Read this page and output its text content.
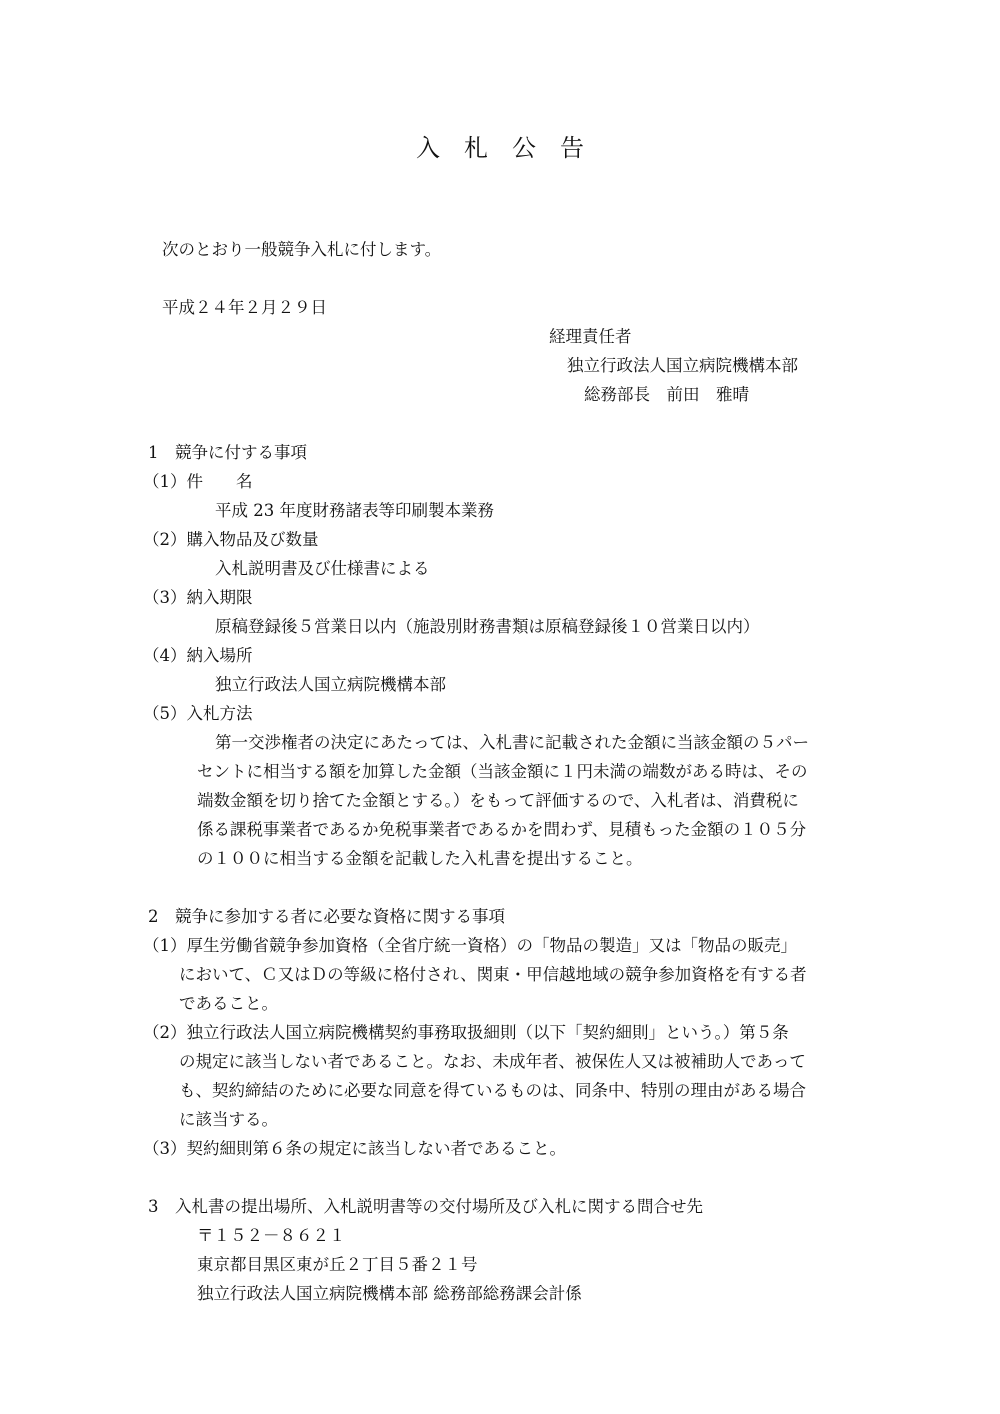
入　札　公　告
次のとおり一般競争入札に付します。
平成２４年２月２９日
経理責任者
独立行政法人国立病院機構本部
総務部長　前田　雅晴
1　競争に付する事項
（1）件　　名
平成 23 年度財務諸表等印刷製本業務
（2）購入物品及び数量
入札説明書及び仕様書による
（3）納入期限
原稿登録後５営業日以内（施設別財務書類は原稿登録後１０営業日以内）
（4）納入場所
独立行政法人国立病院機構本部
（5）入札方法
第一交渉権者の決定にあたっては、入札書に記載された金額に当該金額の５パー
セントに相当する額を加算した金額（当該金額に１円未満の端数がある時は、その
端数金額を切り捨てた金額とする。）をもって評価するので、入札者は、消費税に
係る課税事業者であるか免税事業者であるかを問わず、見積もった金額の１０５分
の１００に相当する金額を記載した入札書を提出すること。
2　競争に参加する者に必要な資格に関する事項
（1）厚生労働省競争参加資格（全省庁統一資格）の「物品の製造」又は「物品の販売」
において、Ｃ又はＤの等級に格付され、関東・甲信越地域の競争参加資格を有する者
であること。
（2）独立行政法人国立病院機構契約事務取扱細則（以下「契約細則」という。）第５条
の規定に該当しない者であること。なお、未成年者、被保佐人又は被補助人であって
も、契約締結のために必要な同意を得ているものは、同条中、特別の理由がある場合
に該当する。
（3）契約細則第６条の規定に該当しない者であること。
3　入札書の提出場所、入札説明書等の交付場所及び入札に関する問合せ先
〒１５２－８６２１
東京都目黒区東が丘２丁目５番２１号
独立行政法人国立病院機構本部 総務部総務課会計係
